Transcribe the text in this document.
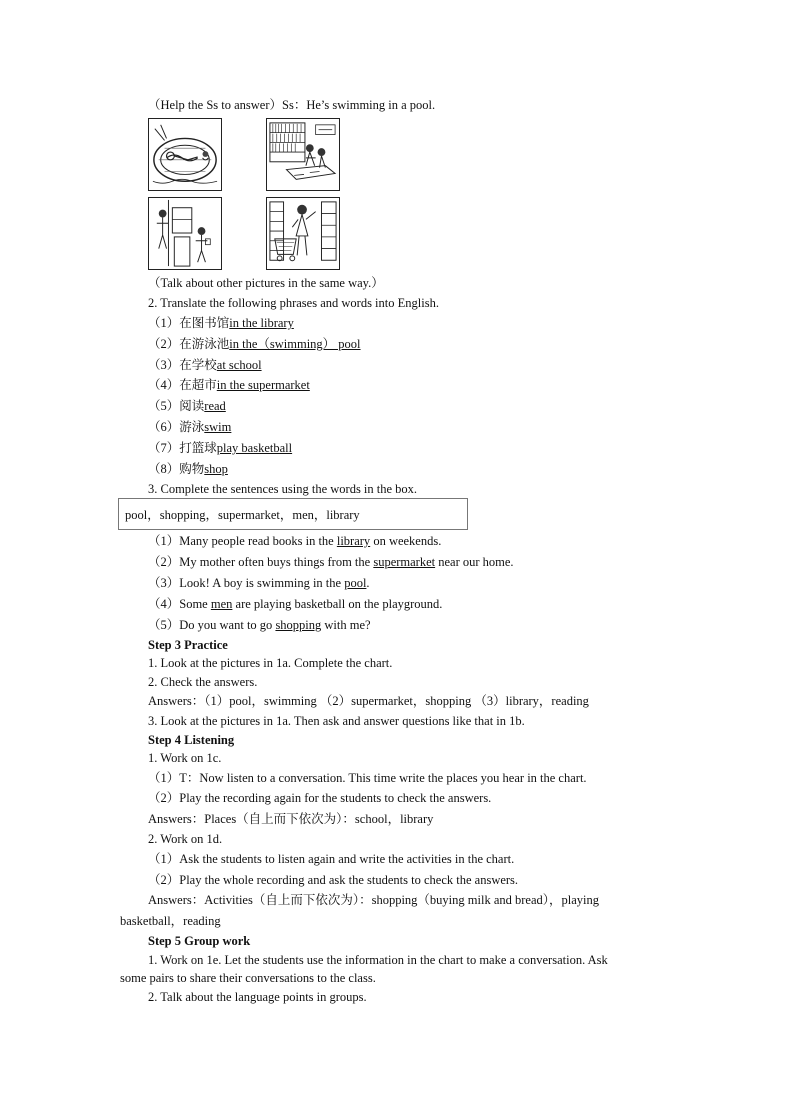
（Help the Ss to answer）Ss：He’s swimming in a pool.
（Talk about other pictures in the same way.）
2. Translate the following phrases and words into English.
（1）在图书馆in the library
（2）在游泳池in the（swimming） pool
（3）在学校at school
（4）在超市in the supermarket
（5）阅读read
（6）游泳swim
（7）打篮球play basketball
（8）购物shop
3. Complete the sentences using the words in the box.
pool，shopping，supermarket，men，library
（1）Many people read books in the library on weekends.
（2）My mother often buys things from the supermarket near our home.
（3）Look! A boy is swimming in the pool.
（4）Some men are playing basketball on the playground.
（5）Do you want to go shopping with me?
Step 3 Practice
1. Look at the pictures in 1a. Complete the chart.
2. Check the answers.
Answers：（1）pool，swimming （2）supermarket，shopping （3）library，reading
3. Look at the pictures in 1a. Then ask and answer questions like that in 1b.
Step 4 Listening
1. Work on 1c.
（1）T：Now listen to a conversation. This time write the places you hear in the chart.
（2）Play the recording again for the students to check the answers.
Answers：Places（自上而下依次为）：school，library
2. Work on 1d.
（1）Ask the students to listen again and write the activities in the chart.
（2）Play the whole recording and ask the students to check the answers.
Answers：Activities（自上而下依次为）：shopping（buying milk and bread），playing
basketball，reading
Step 5 Group work
1. Work on 1e. Let the students use the information in the chart to make a conversation. Ask
some pairs to share their conversations to the class.
2. Talk about the language points in groups.
